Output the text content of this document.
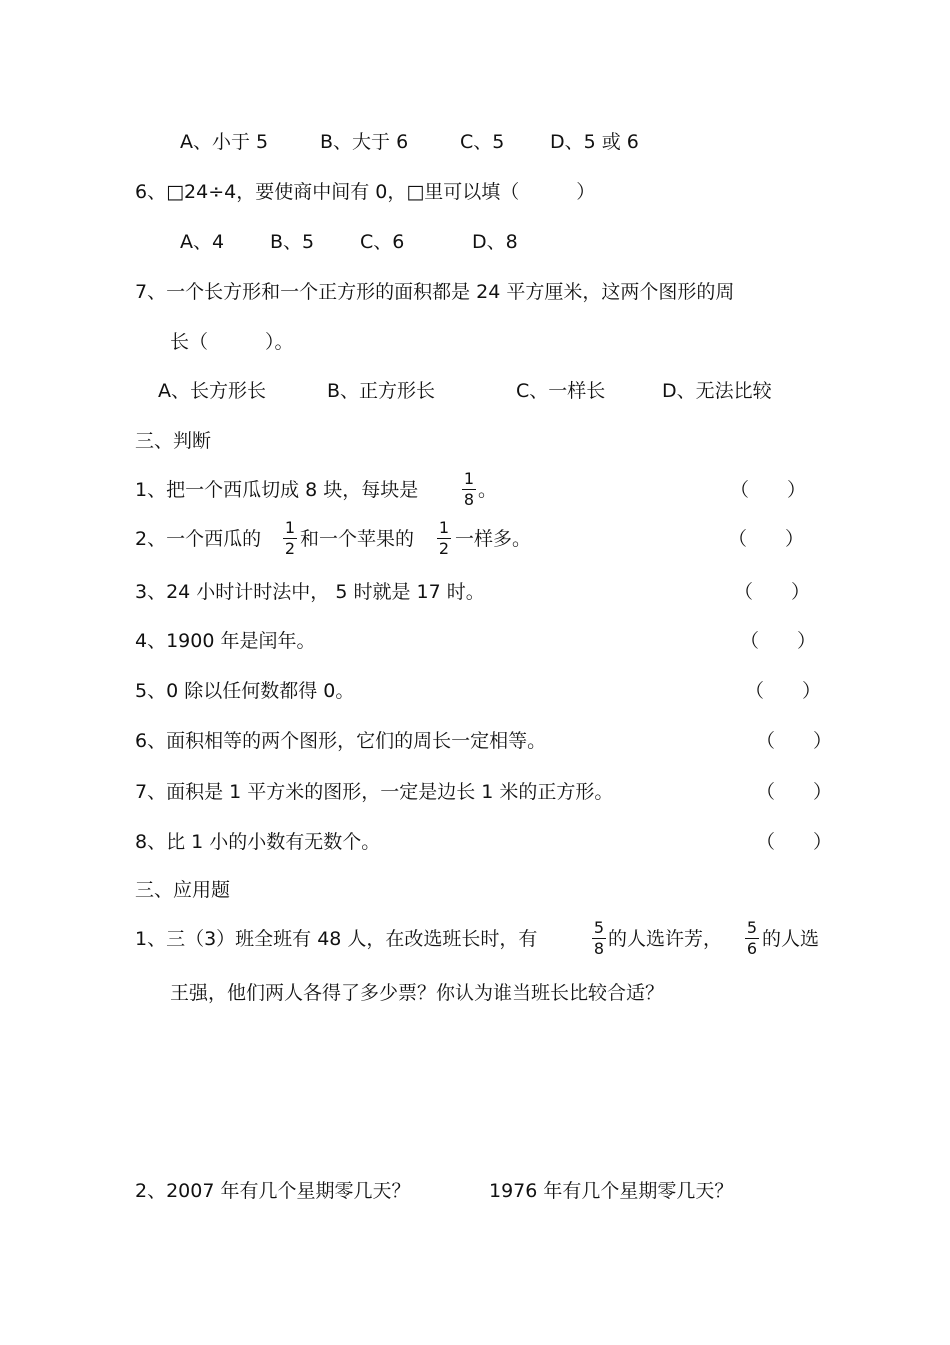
A、小于 5	B、大于 6	C、5 D、5 或 6
6、□24÷4，要使商中间有 0，□里可以填（　　　）
A、4 B、5 C、6	D、8
7、一个长方形和一个正方形的面积都是 24 平方厘米，这两个图形的周
长（　　　）。
A、长方形长	B、正方形长	C、一样长	D、无法比较
三、判断
1、把一个西瓜切成 8 块，每块是
1
8 。	（　　）
2、一个西瓜的
1
2 和一个苹果的
1
2 一样多。	（　　）
3、24 小时计时法中， 5 时就是 17 时。	（　　）
4、1900 年是闰年。	（　　）
5、0 除以任何数都得 0。	（　　）
6、面积相等的两个图形，它们的周长一定相等。	（　　）
7、面积是 1 平方米的图形，一定是边长 1 米的正方形。	（　　）
8、比 1 小的小数有无数个。	（　　）
三、应用题
1、三（3）班全班有 48 人，在改选班长时，有
5
8 的人选许芳，
5
6 的人选
王强，他们两人各得了多少票？你认为谁当班长比较合适？
2、2007 年有几个星期零几天？	1976 年有几个星期零几天？
